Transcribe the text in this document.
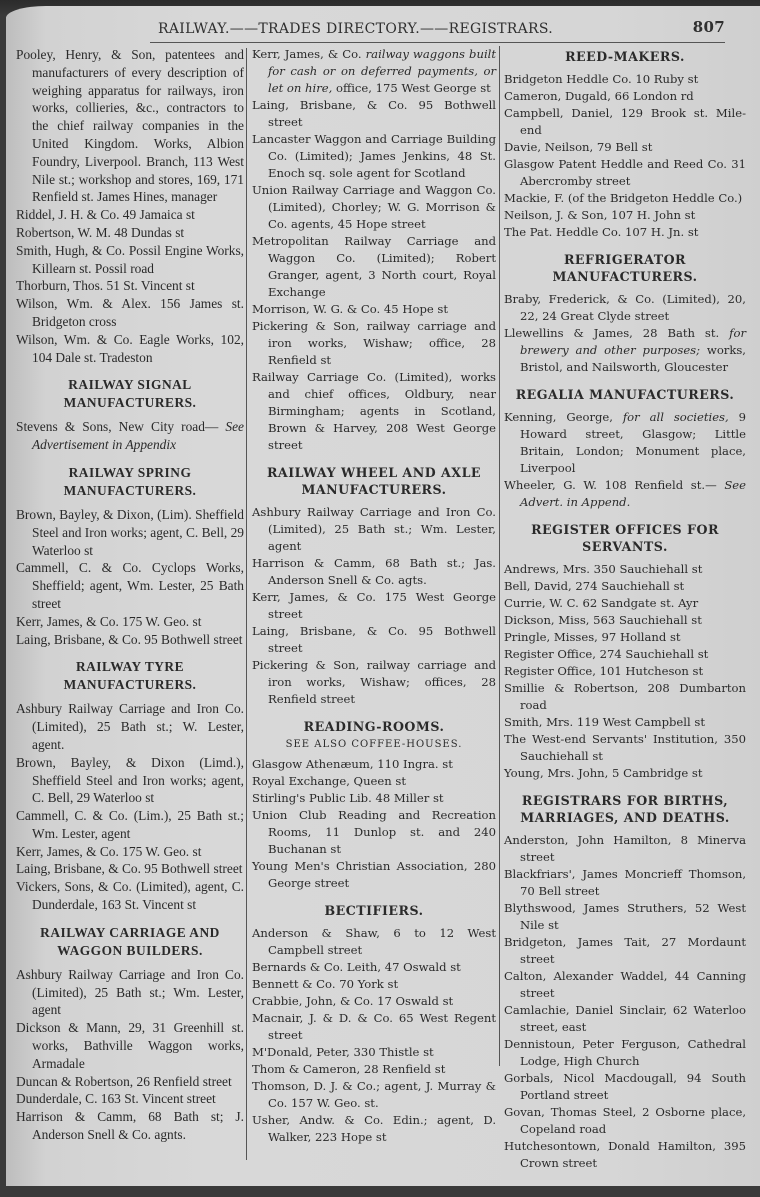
RAILWAY.——TRADES DIRECTORY.——REGISTRARS.	807
Pooley, Henry, & Son, patentees and manufacturers of every description of weighing apparatus for railways, iron works, collieries, &c., contractors to the chief railway companies in the United Kingdom. Works, Albion Foundry, Liverpool. Branch, 113 West Nile st.; workshop and stores, 169, 171 Renfield st. James Hines, manager
Riddel, J. H. & Co. 49 Jamaica st
Robertson, W. M. 48 Dundas st
Smith, Hugh, & Co. Possil Engine Works, Killearn st. Possil road
Thorburn, Thos. 51 St. Vincent st
Wilson, Wm. & Alex. 156 James st. Bridgeton cross
Wilson, Wm. & Co. Eagle Works, 102, 104 Dale st. Tradeston
RAILWAY SIGNAL MANUFACTURERS.
Stevens & Sons, New City road— See Advertisement in Appendix
RAILWAY SPRING MANUFACTURERS.
Brown, Bayley, & Dixon, (Lim). Sheffield Steel and Iron works; agent, C. Bell, 29 Waterloo st
Cammell, C. & Co. Cyclops Works, Sheffield; agent, Wm. Lester, 25 Bath street
Kerr, James, & Co. 175 W. Geo. st
Laing, Brisbane, & Co. 95 Bothwell street
RAILWAY TYRE MANUFACTURERS.
Ashbury Railway Carriage and Iron Co. (Limited), 25 Bath st.; W. Lester, agent.
Brown, Bayley, & Dixon (Limd.), Sheffield Steel and Iron works; agent, C. Bell, 29 Waterloo st
Cammell, C. & Co. (Lim.), 25 Bath st.; Wm. Lester, agent
Kerr, James, & Co. 175 W. Geo. st
Laing, Brisbane, & Co. 95 Bothwell street
Vickers, Sons, & Co. (Limited), agent, C. Dunderdale, 163 St. Vincent st
RAILWAY CARRIAGE AND WAGGON BUILDERS.
Ashbury Railway Carriage and Iron Co. (Limited), 25 Bath st.; Wm. Lester, agent
Dickson & Mann, 29, 31 Greenhill st. works, Bathville Waggon works, Armadale
Duncan & Robertson, 26 Renfield street
Dunderdale, C. 163 St. Vincent street
Harrison & Camm, 68 Bath st; J. Anderson Snell & Co. agnts.
Kerr, James, & Co. railway waggons built for cash or on deferred payments, or let on hire, office, 175 West George st
Laing, Brisbane, & Co. 95 Bothwell street
Lancaster Waggon and Carriage Building Co. (Limited); James Jenkins, 48 St. Enoch sq. sole agent for Scotland
Union Railway Carriage and Waggon Co. (Limited), Chorley; W. G. Morrison & Co. agents, 45 Hope street
Metropolitan Railway Carriage and Waggon Co. (Limited); Robert Granger, agent, 3 North court, Royal Exchange
Morrison, W. G. & Co. 45 Hope st
Pickering & Son, railway carriage and iron works, Wishaw; office, 28 Renfield st
Railway Carriage Co. (Limited), works and chief offices, Oldbury, near Birmingham; agents in Scotland, Brown & Harvey, 208 West George street
RAILWAY WHEEL AND AXLE MANUFACTURERS.
Ashbury Railway Carriage and Iron Co. (Limited), 25 Bath st.; Wm. Lester, agent
Harrison & Camm, 68 Bath st.; Jas. Anderson Snell & Co. agts.
Kerr, James, & Co. 175 West George street
Laing, Brisbane, & Co. 95 Bothwell street
Pickering & Son, railway carriage and iron works, Wishaw; offices, 28 Renfield street
READING-ROOMS.
SEE ALSO COFFEE-HOUSES.
Glasgow Athenæum, 110 Ingra. st
Royal Exchange, Queen st
Stirling's Public Lib. 48 Miller st
Union Club Reading and Recreation Rooms, 11 Dunlop st. and 240 Buchanan st
Young Men's Christian Association, 280 George street
BECTIFIERS.
Anderson & Shaw, 6 to 12 West Campbell street
Bernards & Co. Leith, 47 Oswald st
Bennett & Co. 70 York st
Crabbie, John, & Co. 17 Oswald st
Macnair, J. & D. & Co. 65 West Regent street
M'Donald, Peter, 330 Thistle st
Thom & Cameron, 28 Renfield st
Thomson, D. J. & Co.; agent, J. Murray & Co. 157 W. Geo. st.
Usher, Andw. & Co. Edin.; agent, D. Walker, 223 Hope st
REED-MAKERS.
Bridgeton Heddle Co. 10 Ruby st
Cameron, Dugald, 66 London rd
Campbell, Daniel, 129 Brook st. Mile-end
Davie, Neilson, 79 Bell st
Glasgow Patent Heddle and Reed Co. 31 Abercromby street
Mackie, F. (of the Bridgeton Heddle Co.)
Neilson, J. & Son, 107 H. John st
The Pat. Heddle Co. 107 H. Jn. st
REFRIGERATOR MANUFACTURERS.
Braby, Frederick, & Co. (Limited), 20, 22, 24 Great Clyde street
Llewellins & James, 28 Bath st. for brewery and other purposes; works, Bristol, and Nailsworth, Gloucester
REGALIA MANUFACTURERS.
Kenning, George, for all societies, 9 Howard street, Glasgow; Little Britain, London; Monument place, Liverpool
Wheeler, G. W. 108 Renfield st.— See Advert. in Append.
REGISTER OFFICES FOR SERVANTS.
Andrews, Mrs. 350 Sauchiehall st
Bell, David, 274 Sauchiehall st
Currie, W. C. 62 Sandgate st. Ayr
Dickson, Miss, 563 Sauchiehall st
Pringle, Misses, 97 Holland st
Register Office, 274 Sauchiehall st
Register Office, 101 Hutcheson st
Smillie & Robertson, 208 Dumbarton road
Smith, Mrs. 119 West Campbell st
The West-end Servants' Institution, 350 Sauchiehall st
Young, Mrs. John, 5 Cambridge st
REGISTRARS FOR BIRTHS, MARRIAGES, AND DEATHS.
Anderston, John Hamilton, 8 Minerva street
Blackfriars', James Moncrieff Thomson, 70 Bell street
Blythswood, James Struthers, 52 West Nile st
Bridgeton, James Tait, 27 Mordaunt street
Calton, Alexander Waddel, 44 Canning street
Camlachie, Daniel Sinclair, 62 Waterloo street, east
Dennistoun, Peter Ferguson, Cathedral Lodge, High Church
Gorbals, Nicol Macdougall, 94 South Portland street
Govan, Thomas Steel, 2 Osborne place, Copeland road
Hutchesontown, Donald Hamilton, 395 Crown street
